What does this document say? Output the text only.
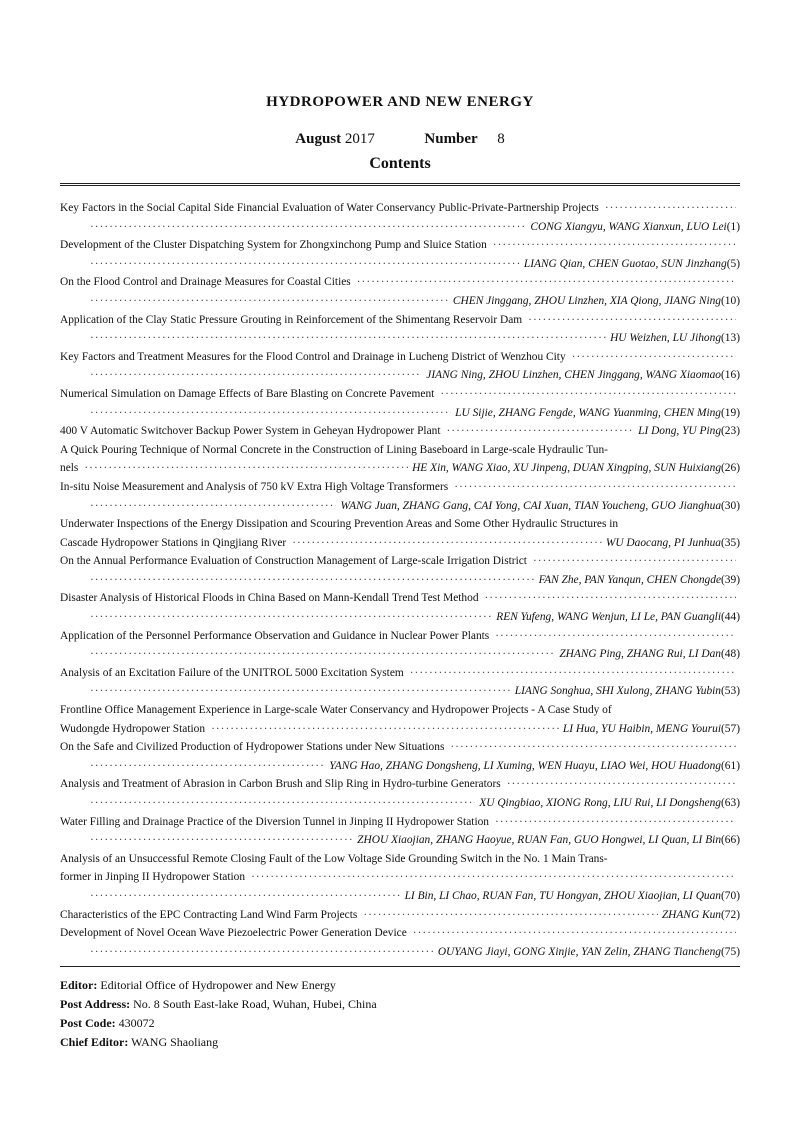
HYDROPOWER AND NEW ENERGY
August 2017	Number 8
Contents
Key Factors in the Social Capital Side Financial Evaluation of Water Conservancy Public-Private-Partnership Projects
·····
·····
CONG Xiangyu, WANG Xianxun, LUO Lei (1)
Development of the Cluster Dispatching System for Zhongxinchong Pump and Sluice Station
·····
·····
LIANG Qian, CHEN Guotao, SUN Jinzhang (5)
On the Flood Control and Drainage Measures for Coastal Cities
·····
·····
CHEN Jinggang, ZHOU Linzhen, XIA Qiong, JIANG Ning (10)
Application of the Clay Static Pressure Grouting in Reinforcement of the Shimentang Reservoir Dam
·····
·····
HU Weizhen, LU Jihong (13)
Key Factors and Treatment Measures for the Flood Control and Drainage in Lucheng District of Wenzhou City
·····
·····
JIANG Ning, ZHOU Linzhen, CHEN Jinggang, WANG Xiaomao (16)
Numerical Simulation on Damage Effects of Bare Blasting on Concrete Pavement
·····
·····
LU Sijie, ZHANG Fengde, WANG Yuanming, CHEN Ming (19)
400 V Automatic Switchover Backup Power System in Geheyan Hydropower Plant ·····	LI Dong, YU Ping (23)
A Quick Pouring Technique of Normal Concrete in the Construction of Lining Baseboard in Large-scale Hydraulic Tun-
nels ·····	HE Xin, WANG Xiao, XU Jinpeng, DUAN Xingping, SUN Huixiang (26)
In-situ Noise Measurement and Analysis of 750 kV Extra High Voltage Transformers
·····
·····
WANG Juan, ZHANG Gang, CAI Yong, CAI Xuan, TIAN Youcheng, GUO Jianghua (30)
Underwater Inspections of the Energy Dissipation and Scouring Prevention Areas and Some Other Hydraulic Structures in
Cascade Hydropower Stations in Qingjiang River ·····	WU Daocang, PI Junhua (35)
On the Annual Performance Evaluation of Construction Management of Large-scale Irrigation District
·····
·····
FAN Zhe, PAN Yanqun, CHEN Chongde (39)
Disaster Analysis of Historical Floods in China Based on Mann-Kendall Trend Test Method
·····
·····
REN Yufeng, WANG Wenjun, LI Le, PAN Guangli (44)
Application of the Personnel Performance Observation and Guidance in Nuclear Power Plants
·····
·····
ZHANG Ping, ZHANG Rui, LI Dan (48)
Analysis of an Excitation Failure of the UNITROL 5000 Excitation System
·····
·····
LIANG Songhua, SHI Xulong, ZHANG Yubin (53)
Frontline Office Management Experience in Large-scale Water Conservancy and Hydropower Projects - A Case Study of
Wudongde Hydropower Station ·····	LI Hua, YU Haibin, MENG Yourui (57)
On the Safe and Civilized Production of Hydropower Stations under New Situations
·····
·····
YANG Hao, ZHANG Dongsheng, LI Xuming, WEN Huayu, LIAO Wei, HOU Huadong (61)
Analysis and Treatment of Abrasion in Carbon Brush and Slip Ring in Hydro-turbine Generators
·····
·····
XU Qingbiao, XIONG Rong, LIU Rui, LI Dongsheng (63)
Water Filling and Drainage Practice of the Diversion Tunnel in Jinping II Hydropower Station
·····
·····
ZHOU Xiaojian, ZHANG Haoyue, RUAN Fan, GUO Hongwei, LI Quan, LI Bin (66)
Analysis of an Unsuccessful Remote Closing Fault of the Low Voltage Side Grounding Switch in the No. 1 Main Trans-
former in Jinping II Hydropower Station
·····
·····
LI Bin, LI Chao, RUAN Fan, TU Hongyan, ZHOU Xiaojian, LI Quan (70)
Characteristics of the EPC Contracting Land Wind Farm Projects ·····	ZHANG Kun (72)
Development of Novel Ocean Wave Piezoelectric Power Generation Device
·····
·····
OUYANG Jiayi, GONG Xinjie, YAN Zelin, ZHANG Tiancheng (75)
Editor: Editorial Office of Hydropower and New Energy
Post Address: No. 8 South East-lake Road, Wuhan, Hubei, China
Post Code: 430072
Chief Editor: WANG Shaoliang
